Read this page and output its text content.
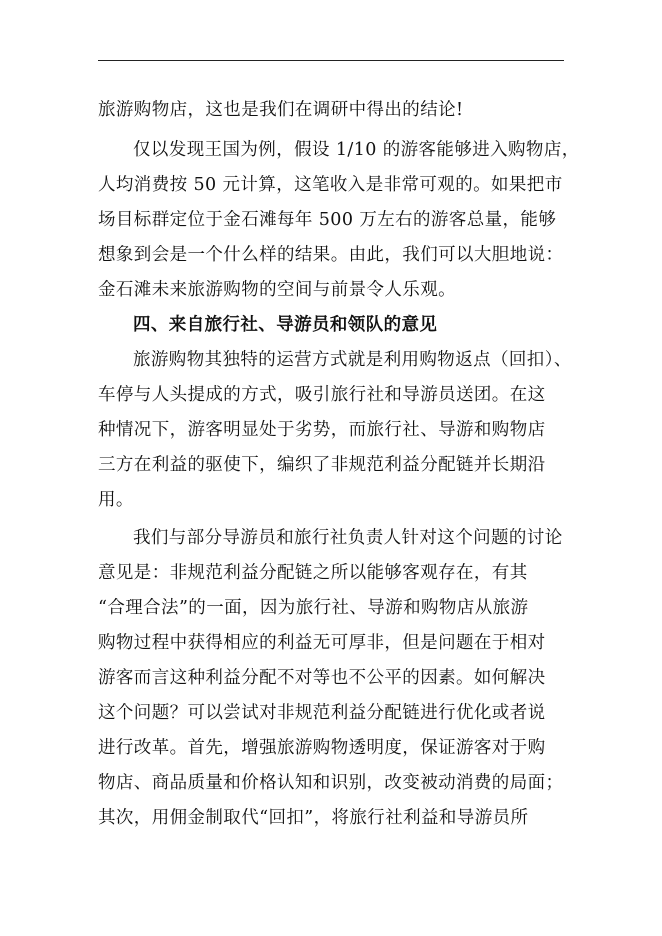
旅游购物店，这也是我们在调研中得出的结论!
仅以发现王国为例，假设 1/10 的游客能够进入购物店，
人均消费按 50 元计算，这笔收入是非常可观的。如果把市
场目标群定位于金石滩每年 500 万左右的游客总量，能够
想象到会是一个什么样的结果。由此，我们可以大胆地说：
金石滩未来旅游购物的空间与前景令人乐观。
四、来自旅行社、导游员和领队的意见
旅游购物其独特的运营方式就是利用购物返点（回扣）、
车停与人头提成的方式，吸引旅行社和导游员送团。在这
种情况下，游客明显处于劣势，而旅行社、导游和购物店
三方在利益的驱使下，编织了非规范利益分配链并长期沿
用。
我们与部分导游员和旅行社负责人针对这个问题的讨论
意见是：非规范利益分配链之所以能够客观存在，有其
“合理合法”的一面，因为旅行社、导游和购物店从旅游
购物过程中获得相应的利益无可厚非，但是问题在于相对
游客而言这种利益分配不对等也不公平的因素。如何解决
这个问题？可以尝试对非规范利益分配链进行优化或者说
进行改革。首先，增强旅游购物透明度，保证游客对于购
物店、商品质量和价格认知和识别，改变被动消费的局面；
其次，用佣金制取代“回扣”，将旅行社利益和导游员所
